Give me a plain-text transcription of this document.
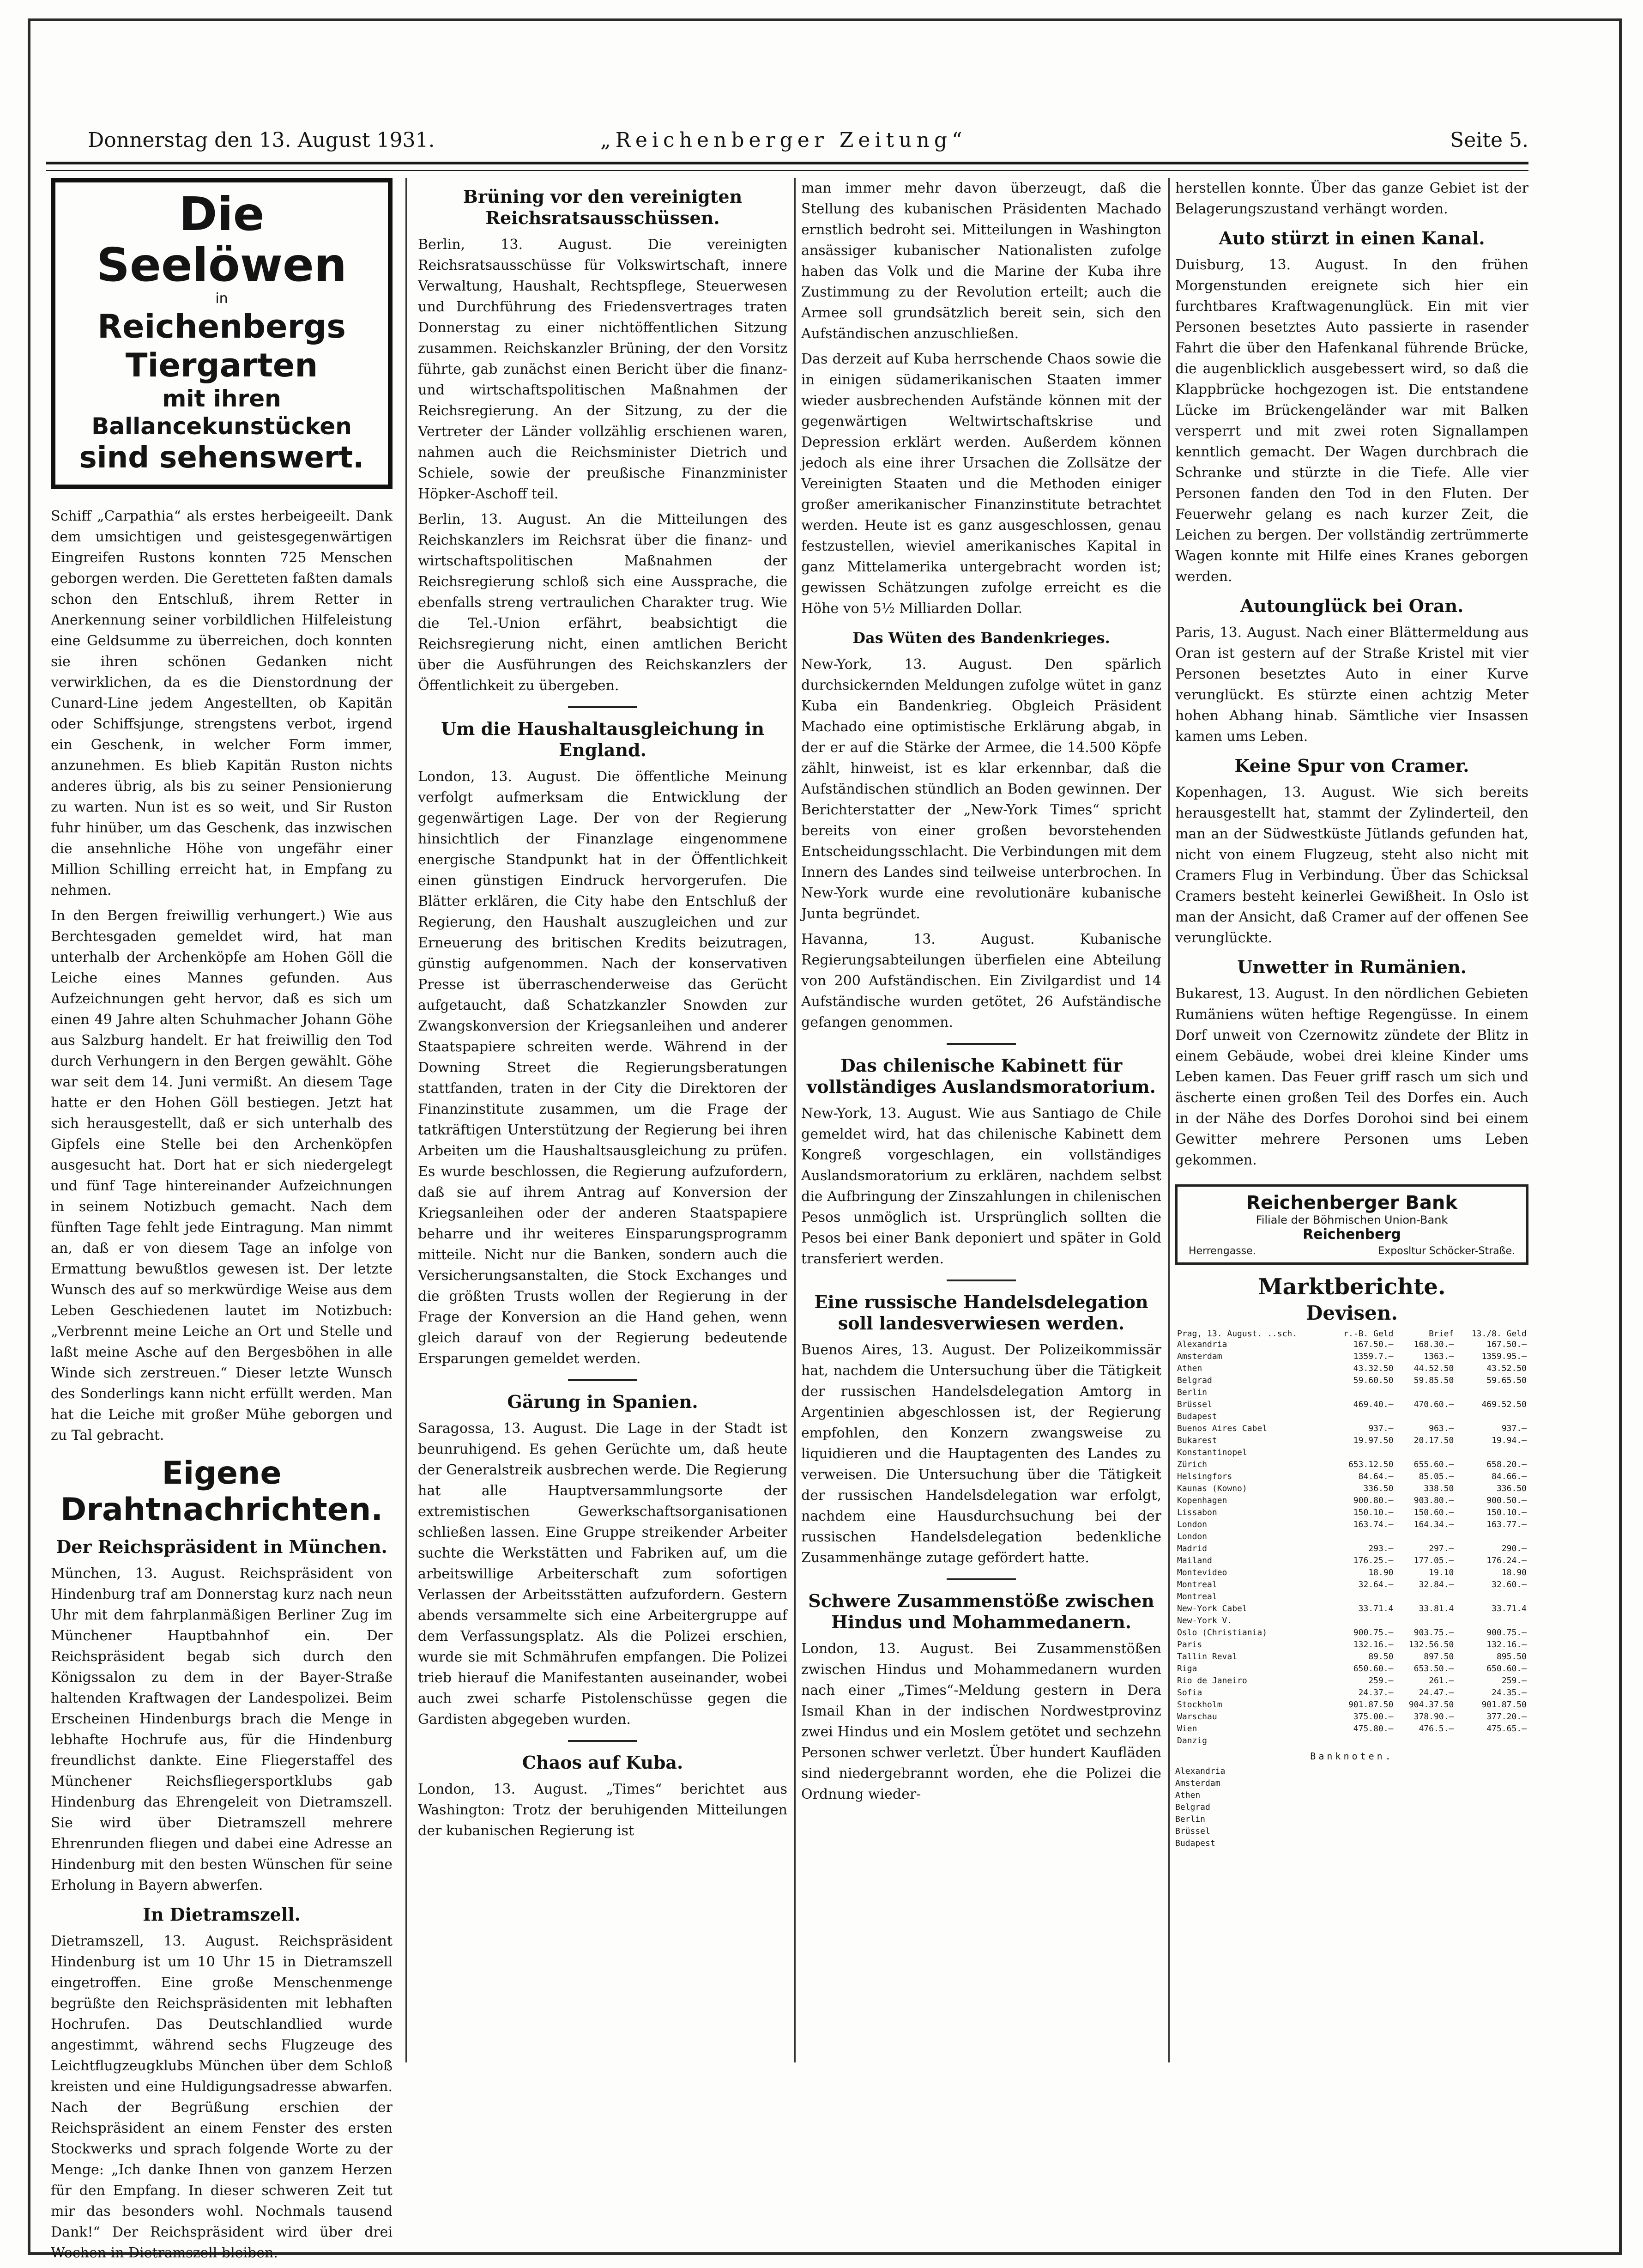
Donnerstag den 13. August 1931.	„Reichenberger Zeitung“	Seite 5.
Die Seelöwen
in
Reichenbergs Tiergarten
mit ihren Ballancekunstücken
sind sehenswert.

Schiff „Carpathia“ als erstes herbeigeeilt. Dank dem umsichtigen und geistesgegenwärtigen Eingreifen Rustons konnten 725 Menschen geborgen werden. Die Geretteten faßten damals schon den Entschluß, ihrem Retter in Anerkennung seiner vorbildlichen Hilfeleistung eine Geldsumme zu überreichen, doch konnten sie ihren schönen Gedanken nicht verwirklichen, da es die Dienstordnung der Cunard-Line jedem Angestellten, ob Kapitän oder Schiffsjunge, strengstens verbot, irgend ein Geschenk, in welcher Form immer, anzunehmen. Es blieb Kapitän Ruston nichts anderes übrig, als bis zu seiner Pensionierung zu warten. Nun ist es so weit, und Sir Ruston fuhr hinüber, um das Geschenk, das inzwischen die ansehnliche Höhe von ungefähr einer Million Schilling erreicht hat, in Empfang zu nehmen.

In den Bergen freiwillig verhungert.) Wie aus Berchtesgaden gemeldet wird, hat man unterhalb der Archenköpfe am Hohen Göll die Leiche eines Mannes gefunden. Aus Aufzeichnungen geht hervor, daß es sich um einen 49 Jahre alten Schuhmacher Johann Göhe aus Salzburg handelt. Er hat freiwillig den Tod durch Verhungern in den Bergen gewählt. Göhe war seit dem 14. Juni vermißt. An diesem Tage hatte er den Hohen Göll bestiegen. Jetzt hat sich herausgestellt, daß er sich unterhalb des Gipfels eine Stelle bei den Archenköpfen ausgesucht hat. Dort hat er sich niedergelegt und fünf Tage hintereinander Aufzeichnungen in seinem Notizbuch gemacht. Nach dem fünften Tage fehlt jede Eintragung. Man nimmt an, daß er von diesem Tage an infolge von Ermattung bewußtlos gewesen ist. Der letzte Wunsch des auf so merkwürdige Weise aus dem Leben Geschiedenen lautet im Notizbuch: „Verbrennt meine Leiche an Ort und Stelle und laßt meine Asche auf den Bergesböhen in alle Winde sich zerstreuen.“ Dieser letzte Wunsch des Sonderlings kann nicht erfüllt werden. Man hat die Leiche mit großer Mühe geborgen und zu Tal gebracht.

Eigene Drahtnachrichten.
Der Reichspräsident in München.

München, 13. August. Reichspräsident von Hindenburg traf am Donnerstag kurz nach neun Uhr mit dem fahrplanmäßigen Berliner Zug im Münchener Hauptbahnhof ein. Der Reichspräsident begab sich durch den Königssalon zu dem in der Bayer-Straße haltenden Kraftwagen der Landespolizei. Beim Erscheinen Hindenburgs brach die Menge in lebhafte Hochrufe aus, für die Hindenburg freundlichst dankte. Eine Fliegerstaffel des Münchener Reichsfliegersportklubs gab Hindenburg das Ehrengeleit von Dietramszell. Sie wird über Dietramszell mehrere Ehrenrunden fliegen und dabei eine Adresse an Hindenburg mit den besten Wünschen für seine Erholung in Bayern abwerfen.

In Dietramszell.

Dietramszell, 13. August. Reichspräsident Hindenburg ist um 10 Uhr 15 in Dietramszell eingetroffen. Eine große Menschenmenge begrüßte den Reichspräsidenten mit lebhaften Hochrufen. Das Deutschlandlied wurde angestimmt, während sechs Flugzeuge des Leichtflugzeugklubs München über dem Schloß kreisten und eine Huldigungsadresse abwarfen. Nach der Begrüßung erschien der Reichspräsident an einem Fenster des ersten Stockwerks und sprach folgende Worte zu der Menge: „Ich danke Ihnen von ganzem Herzen für den Empfang. In dieser schweren Zeit tut mir das besonders wohl. Nochmals tausend Dank!“ Der Reichspräsident wird über drei Wochen in Dietramszell bleiben.

Brüning vor den vereinigten Reichsratsausschüssen.

Berlin, 13. August. Die vereinigten Reichsratsausschüsse für Volkswirtschaft, innere Verwaltung, Haushalt, Rechtspflege, Steuerwesen und Durchführung des Friedensvertrages traten Donnerstag zu einer nichtöffentlichen Sitzung zusammen. Reichskanzler Brüning, der den Vorsitz führte, gab zunächst einen Bericht über die finanz- und wirtschaftspolitischen Maßnahmen der Reichsregierung. An der Sitzung, zu der die Vertreter der Länder vollzählig erschienen waren, nahmen auch die Reichsminister Dietrich und Schiele, sowie der preußische Finanzminister Höpker-Aschoff teil.

Berlin, 13. August. An die Mitteilungen des Reichskanzlers im Reichsrat über die finanz- und wirtschaftspolitischen Maßnahmen der Reichsregierung schloß sich eine Aussprache, die ebenfalls streng vertraulichen Charakter trug. Wie die Tel.-Union erfährt, beabsichtigt die Reichsregierung nicht, einen amtlichen Bericht über die Ausführungen des Reichskanzlers der Öffentlichkeit zu übergeben.

Um die Haushaltausgleichung in England.

London, 13. August. Die öffentliche Meinung verfolgt aufmerksam die Entwicklung der gegenwärtigen Lage. Der von der Regierung hinsichtlich der Finanzlage eingenommene energische Standpunkt hat in der Öffentlichkeit einen günstigen Eindruck hervorgerufen. Die Blätter erklären, die City habe den Entschluß der Regierung, den Haushalt auszugleichen und zur Erneuerung des britischen Kredits beizutragen, günstig aufgenommen. Nach der konservativen Presse ist überraschenderweise das Gerücht aufgetaucht, daß Schatzkanzler Snowden zur Zwangskonversion der Kriegsanleihen und anderer Staatspapiere schreiten werde. Während in der Downing Street die Regierungsberatungen stattfanden, traten in der City die Direktoren der Finanzinstitute zusammen, um die Frage der tatkräftigen Unterstützung der Regierung bei ihren Arbeiten um die Haushaltsausgleichung zu prüfen. Es wurde beschlossen, die Regierung aufzufordern, daß sie auf ihrem Antrag auf Konversion der Kriegsanleihen oder der anderen Staatspapiere beharre und ihr weiteres Einsparungsprogramm mitteile. Nicht nur die Banken, sondern auch die Versicherungsanstalten, die Stock Exchanges und die größten Trusts wollen der Regierung in der Frage der Konversion an die Hand gehen, wenn gleich darauf von der Regierung bedeutende Ersparungen gemeldet werden.

Gärung in Spanien.

Saragossa, 13. August. Die Lage in der Stadt ist beunruhigend. Es gehen Gerüchte um, daß heute der Generalstreik ausbrechen werde. Die Regierung hat alle Hauptversammlungsorte der extremistischen Gewerkschaftsorganisationen schließen lassen. Eine Gruppe streikender Arbeiter suchte die Werkstätten und Fabriken auf, um die arbeitswillige Arbeiterschaft zum sofortigen Verlassen der Arbeitsstätten aufzufordern. Gestern abends versammelte sich eine Arbeitergruppe auf dem Verfassungsplatz. Als die Polizei erschien, wurde sie mit Schmährufen empfangen. Die Polizei trieb hierauf die Manifestanten auseinander, wobei auch zwei scharfe Pistolenschüsse gegen die Gardisten abgegeben wurden.

Chaos auf Kuba.

London, 13. August. „Times“ berichtet aus Washington: Trotz der beruhigenden Mitteilungen der kubanischen Regierung ist

man immer mehr davon überzeugt, daß die Stellung des kubanischen Präsidenten Machado ernstlich bedroht sei. Mitteilungen in Washington ansässiger kubanischer Nationalisten zufolge haben das Volk und die Marine der Kuba ihre Zustimmung zu der Revolution erteilt; auch die Armee soll grundsätzlich bereit sein, sich den Aufständischen anzuschließen.

Das derzeit auf Kuba herrschende Chaos sowie die in einigen südamerikanischen Staaten immer wieder ausbrechenden Aufstände können mit der gegenwärtigen Weltwirtschaftskrise und Depression erklärt werden. Außerdem können jedoch als eine ihrer Ursachen die Zollsätze der Vereinigten Staaten und die Methoden einiger großer amerikanischer Finanzinstitute betrachtet werden. Heute ist es ganz ausgeschlossen, genau festzustellen, wieviel amerikanisches Kapital in ganz Mittelamerika untergebracht worden ist; gewissen Schätzungen zufolge erreicht es die Höhe von 5½ Milliarden Dollar.

Das Wüten des Bandenkrieges.

New-York, 13. August. Den spärlich durchsickernden Meldungen zufolge wütet in ganz Kuba ein Bandenkrieg. Obgleich Präsident Machado eine optimistische Erklärung abgab, in der er auf die Stärke der Armee, die 14.500 Köpfe zählt, hinweist, ist es klar erkennbar, daß die Aufständischen stündlich an Boden gewinnen. Der Berichterstatter der „New-York Times“ spricht bereits von einer großen bevorstehenden Entscheidungsschlacht. Die Verbindungen mit dem Innern des Landes sind teilweise unterbrochen. In New-York wurde eine revolutionäre kubanische Junta begründet.

Havanna, 13. August. Kubanische Regierungsabteilungen überfielen eine Abteilung von 200 Aufständischen. Ein Zivilgardist und 14 Aufständische wurden getötet, 26 Aufständische gefangen genommen.

Das chilenische Kabinett für vollständiges Auslandsmoratorium.

New-York, 13. August. Wie aus Santiago de Chile gemeldet wird, hat das chilenische Kabinett dem Kongreß vorgeschlagen, ein vollständiges Auslandsmoratorium zu erklären, nachdem selbst die Aufbringung der Zinszahlungen in chilenischen Pesos unmöglich ist. Ursprünglich sollten die Pesos bei einer Bank deponiert und später in Gold transferiert werden.

Eine russische Handelsdelegation soll landesverwiesen werden.

Buenos Aires, 13. August. Der Polizeikommissär hat, nachdem die Untersuchung über die Tätigkeit der russischen Handelsdelegation Amtorg in Argentinien abgeschlossen ist, der Regierung empfohlen, den Konzern zwangsweise zu liquidieren und die Hauptagenten des Landes zu verweisen. Die Untersuchung über die Tätigkeit der russischen Handelsdelegation war erfolgt, nachdem eine Hausdurchsuchung bei der russischen Handelsdelegation bedenkliche Zusammenhänge zutage gefördert hatte.

Schwere Zusammenstöße zwischen Hindus und Mohammedanern.

London, 13. August. Bei Zusammenstößen zwischen Hindus und Mohammedanern wurden nach einer „Times“-Meldung gestern in Dera Ismail Khan in der indischen Nordwestprovinz zwei Hindus und ein Moslem getötet und sechzehn Personen schwer verletzt. Über hundert Kaufläden sind niedergebrannt worden, ehe die Polizei die Ordnung wieder-

herstellen konnte. Über das ganze Gebiet ist der Belagerungszustand verhängt worden.

Auto stürzt in einen Kanal.

Duisburg, 13. August. In den frühen Morgenstunden ereignete sich hier ein furchtbares Kraftwagenunglück. Ein mit vier Personen besetztes Auto passierte in rasender Fahrt die über den Hafenkanal führende Brücke, die augenblicklich ausgebessert wird, so daß die Klappbrücke hochgezogen ist. Die entstandene Lücke im Brückengeländer war mit Balken versperrt und mit zwei roten Signallampen kenntlich gemacht. Der Wagen durchbrach die Schranke und stürzte in die Tiefe. Alle vier Personen fanden den Tod in den Fluten. Der Feuerwehr gelang es nach kurzer Zeit, die Leichen zu bergen. Der vollständig zertrümmerte Wagen konnte mit Hilfe eines Kranes geborgen werden.

Autounglück bei Oran.

Paris, 13. August. Nach einer Blättermeldung aus Oran ist gestern auf der Straße Kristel mit vier Personen besetztes Auto in einer Kurve verunglückt. Es stürzte einen achtzig Meter hohen Abhang hinab. Sämtliche vier Insassen kamen ums Leben.

Keine Spur von Cramer.

Kopenhagen, 13. August. Wie sich bereits herausgestellt hat, stammt der Zylinderteil, den man an der Südwestküste Jütlands gefunden hat, nicht von einem Flugzeug, steht also nicht mit Cramers Flug in Verbindung. Über das Schicksal Cramers besteht keinerlei Gewißheit. In Oslo ist man der Ansicht, daß Cramer auf der offenen See verunglückte.

Unwetter in Rumänien.

Bukarest, 13. August. In den nördlichen Gebieten Rumäniens wüten heftige Regengüsse. In einem Dorf unweit von Czernowitz zündete der Blitz in einem Gebäude, wobei drei kleine Kinder ums Leben kamen. Das Feuer griff rasch um sich und äscherte einen großen Teil des Dorfes ein. Auch in der Nähe des Dorfes Dorohoi sind bei einem Gewitter mehrere Personen ums Leben gekommen.

Reichenberger Bank
Filiale der Böhmischen Union-Bank
Reichenberg
Herrengasse.	Exposltur Schöcker-Straße.
Marktberichte.
Devisen.
Prag, 13. August. ..sch.	r.-B. Geld	Brief	13./8. Geld
Alexandria	167.50.—	168.30.—	167.50.—
Amsterdam	1359.7.—	1363.—	1359.95.—
Athen	43.32.50	44.52.50	43.52.50
Belgrad	59.60.50	59.85.50	59.65.50
Berlin			
Brüssel	469.40.—	470.60.—	469.52.50
Budapest			
Buenos Aires Cabel	937.—	963.—	937.—
Bukarest	19.97.50	20.17.50	19.94.—
Konstantinopel			
Zürich	653.12.50	655.60.—	658.20.—
Helsingfors	84.64.—	85.05.—	84.66.—
Kaunas (Kowno)	336.50	338.50	336.50
Kopenhagen	900.80.—	903.80.—	900.50.—
Lissabon	150.10.—	150.60.—	150.10.—
London	163.74.—	164.34.—	163.77.—
London			
Madrid	293.—	297.—	290.—
Mailand	176.25.—	177.05.—	176.24.—
Montevideo	18.90	19.10	18.90
Montreal	32.64.—	32.84.—	32.60.—
Montreal			
New-York Cabel	33.71.4	33.81.4	33.71.4
New-York V.			
Oslo (Christiania)	900.75.—	903.75.—	900.75.—
Paris	132.16.—	132.56.50	132.16.—
Tallin Reval	89.50	897.50	895.50
Riga	650.60.—	653.50.—	650.60.—
Rio de Janeiro	259.—	261.—	259.—
Sofia	24.37.—	24.47.—	24.35.—
Stockholm	901.87.50	904.37.50	901.87.50
Warschau	375.00.—	378.90.—	377.20.—
Wien	475.80.—	476.5.—	475.65.—
Danzig			
Banknoten.
Alexandria
Amsterdam
Athen
Belgrad
Berlin
Brüssel
Budapest
